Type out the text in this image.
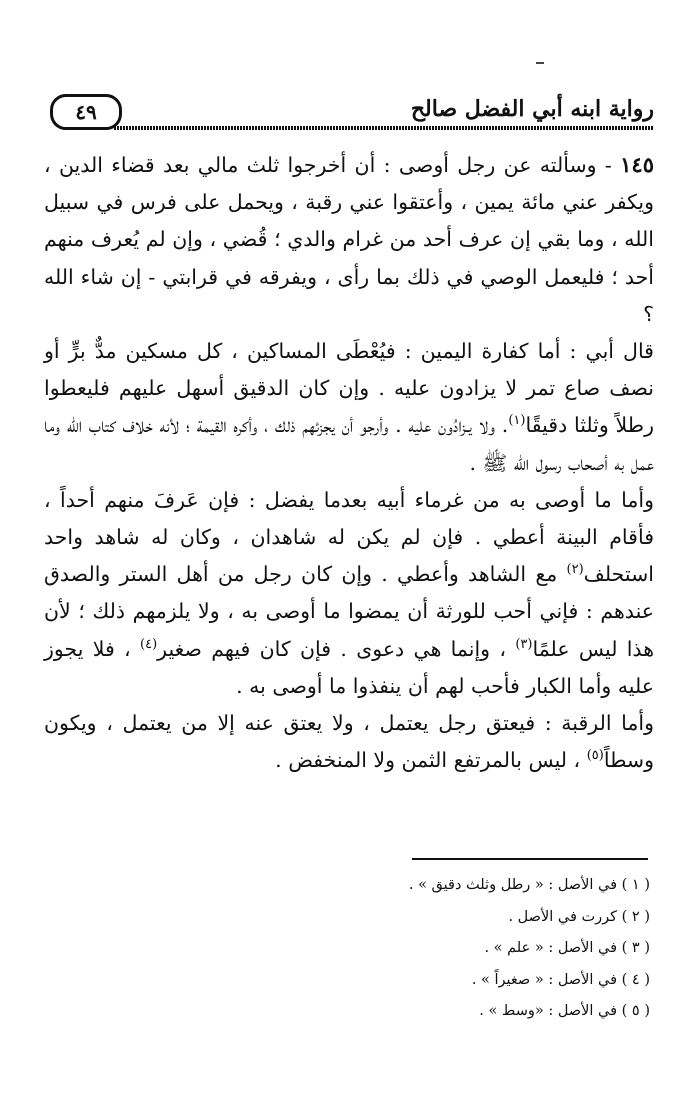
٤٩	رواية ابنه أبي الفضل صالح

١٤٥ - وسألته عن رجل أوصى : أن أخرجوا ثلث مالي بعد قضاء الدين ، ويكفر عني مائة يمين ، وأعتقوا عني رقبة ، ويحمل على فرس في سبيل الله ، وما بقي إن عرف أحد من غرام والدي ؛ قُضي ، وإن لم يُعرف منهم أحد ؛ فليعمل الوصي في ذلك بما رأى ، ويفرقه في قرابتي - إن شاء الله ؟

قال أبي : أما كفارة اليمين : فيُعْطَى المساكين ، كل مسكين مدٌّ برٍّ أو نصف صاع تمر لا يزادون عليه . وإن كان الدقيق أسهل عليهم فليعطوا رطلاً وثلثا دقيقًا$^{(١)}$. ولا يـزادُون عليه . وأرجو أن يجزئهم ذلك ، وأكره القيمة ؛ لأنه خلاف كتاب الله وما عمل به أصحاب رسول الله ﷺ .

وأما ما أوصى به من غرماء أبيه بعدما يفضل : فإن عَرفَ منهم أحداً ، فأقام البينة أعطي . فإن لم يكن له شاهدان ، وكان له شاهد واحد استحلف$^{(٢)}$ مع الشاهد وأعطي . وإن كان رجل من أهل الستر والصدق عندهم : فإني أحب للورثة أن يمضوا ما أوصى به ، ولا يلزمهم ذلك ؛ لأن هذا ليس علمًا$^{(٣)}$ ، وإنما هي دعوى . فإن كان فيهم صغير$^{(٤)}$ ، فلا يجوز عليه وأما الكبار فأحب لهم أن ينفذوا ما أوصى به .

وأما الرقبة : فيعتق رجل يعتمل ، ولا يعتق عنه إلا من يعتمل ، ويكون وسطاً$^{(٥)}$ ، ليس بالمرتفع الثمن ولا المنخفض .

( ١ ) في الأصل : « رطل وثلث دقيق » .
( ٢ ) كررت في الأصل .
( ٣ ) في الأصل : « علم » .
( ٤ ) في الأصل : « صغيراً » .
( ٥ ) في الأصل : «وسط » .
